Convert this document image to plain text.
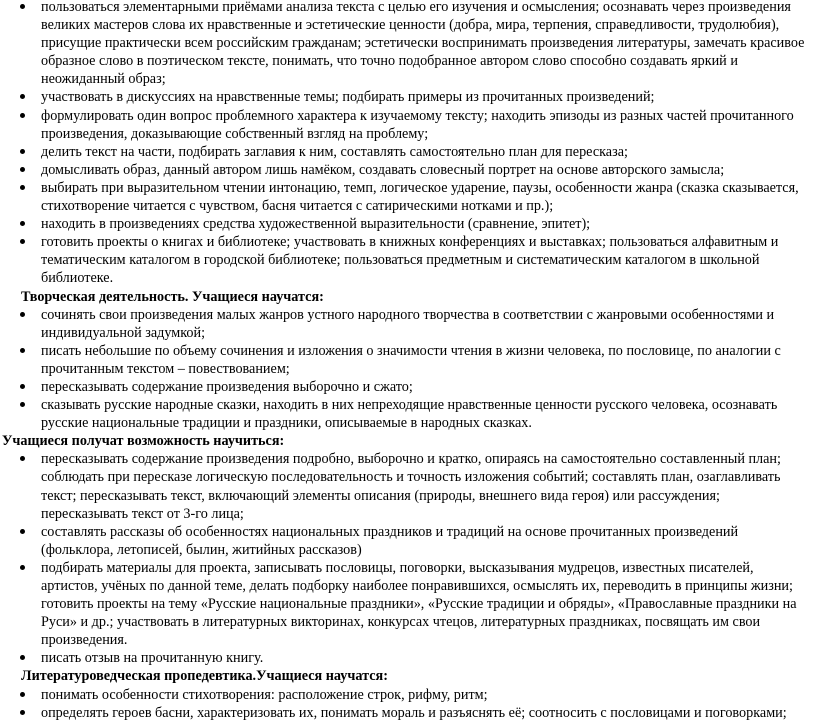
пользоваться элементарными приёмами анализа текста с целью его изучения и осмысления; осознавать через произведения великих мастеров слова их нравственные и эстетические ценности (добра, мира, терпения, справедливости, трудолюбия), присущие практически всем российским гражданам; эстетически воспринимать произведения литературы, замечать красивое образное слово в поэтическом тексте, понимать, что точно подобранное автором слово способно создавать яркий и неожиданный образ;
участвовать в дискуссиях на нравственные темы; подбирать примеры из прочитанных произведений;
формулировать один вопрос проблемного характера к изучаемому тексту; находить эпизоды из разных частей прочитанного произведения, доказывающие собственный взгляд на проблему;
делить текст на части, подбирать заглавия к ним, составлять самостоятельно план для пересказа;
домысливать образ, данный автором лишь намёком, создавать словесный портрет на основе авторского замысла;
выбирать при выразительном чтении интонацию, темп, логическое ударение, паузы, особенности жанра (сказка сказывается, стихотворение читается с чувством, басня читается с сатирическими нотками и пр.);
находить в произведениях средства художественной выразительности (сравнение, эпитет);
готовить проекты о книгах и библиотеке; участвовать в книжных конференциях и выставках; пользоваться алфавитным и тематическим каталогом в городской библиотеке; пользоваться предметным и систематическим каталогом в школьной библиотеке.
Творческая деятельность. Учащиеся научатся:
сочинять свои произведения малых жанров устного народного творчества в соответствии с жанровыми особенностями и индивидуальной задумкой;
писать небольшие по объему сочинения и изложения о значимости чтения в жизни человека, по пословице, по аналогии с прочитанным текстом – повествованием;
пересказывать содержание произведения выборочно и сжато;
сказывать русские народные сказки, находить в них непреходящие нравственные ценности русского человека, осознавать русские национальные традиции и праздники, описываемые в народных сказках.
Учащиеся получат возможность научиться:
пересказывать содержание произведения подробно, выборочно и кратко, опираясь на самостоятельно составленный план; соблюдать при пересказе логическую последовательность и точность изложения событий; составлять план, озаглавливать текст; пересказывать текст, включающий элементы описания (природы, внешнего вида героя) или рассуждения; пересказывать текст от 3-го лица;
составлять рассказы об особенностях национальных праздников и традиций на основе прочитанных произведений (фольклора, летописей, былин, житийных рассказов)
подбирать материалы для проекта, записывать пословицы, поговорки, высказывания мудрецов, известных писателей, артистов, учёных по данной теме, делать подборку наиболее понравившихся, осмыслять их, переводить в принципы жизни; готовить проекты на тему «Русские национальные праздники», «Русские традиции и обряды», «Православные праздники на Руси» и др.; участвовать в литературных викторинах, конкурсах чтецов, литературных праздниках, посвящать им свои произведения.
писать отзыв на прочитанную книгу.
Литературоведческая пропедевтика.Учащиеся научатся:
понимать особенности стихотворения: расположение строк, рифму, ритм;
определять героев басни, характеризовать их, понимать мораль и разъяснять её; соотносить с пословицами и поговорками;
